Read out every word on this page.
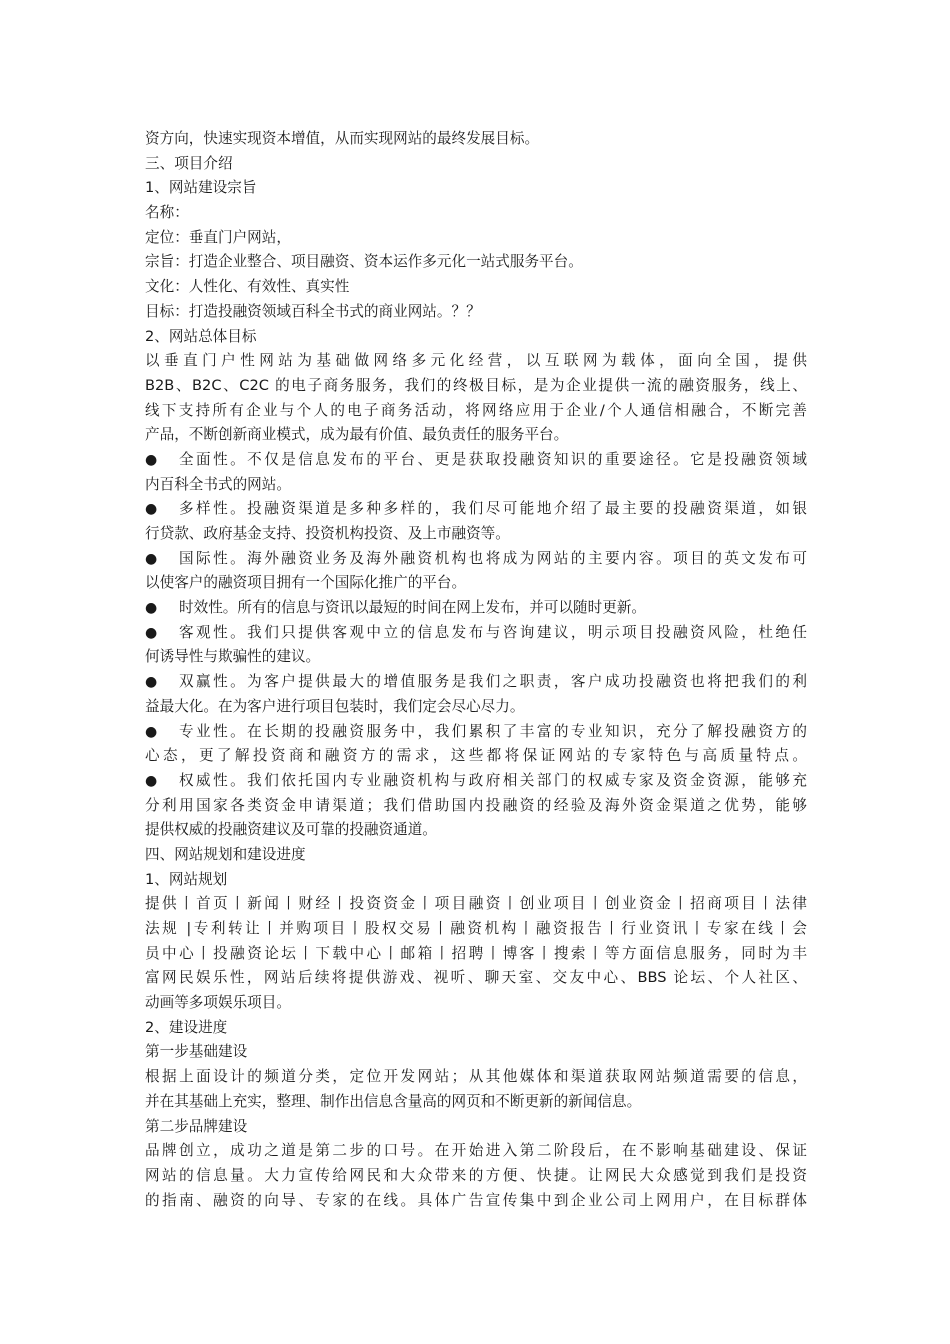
资方向，快速实现资本增值，从而实现网站的最终发展目标。
三、项目介绍
1、网站建设宗旨
名称：
定位：垂直门户网站，
宗旨：打造企业整合、项目融资、资本运作多元化一站式服务平台。
文化：人性化、有效性、真实性
目标：打造投融资领域百科全书式的商业网站。？？
2、网站总体目标
以垂直门户性网站为基础做网络多元化经营，以互联网为载体，面向全国，提供
B2B、B2C、C2C 的电子商务服务，我们的终极目标，是为企业提供一流的融资服务，线上、
线下支持所有企业与个人的电子商务活动，将网络应用于企业/个人通信相融合，不断完善
产品，不断创新商业模式，成为最有价值、最负责任的服务平台。
●	全面性。不仅是信息发布的平台、更是获取投融资知识的重要途径。它是投融资领域
内百科全书式的网站。
●	多样性。投融资渠道是多种多样的，我们尽可能地介绍了最主要的投融资渠道，如银
行贷款、政府基金支持、投资机构投资、及上市融资等。
●	国际性。海外融资业务及海外融资机构也将成为网站的主要内容。项目的英文发布可
以使客户的融资项目拥有一个国际化推广的平台。
●	时效性。所有的信息与资讯以最短的时间在网上发布，并可以随时更新。
●	客观性。我们只提供客观中立的信息发布与咨询建议，明示项目投融资风险，杜绝任
何诱导性与欺骗性的建议。
●	双赢性。为客户提供最大的增值服务是我们之职责，客户成功投融资也将把我们的利
益最大化。在为客户进行项目包装时，我们定会尽心尽力。
●	专业性。在长期的投融资服务中，我们累积了丰富的专业知识，充分了解投融资方的
心态，更了解投资商和融资方的需求，这些都将保证网站的专家特色与高质量特点。
●	权威性。我们依托国内专业融资机构与政府相关部门的权威专家及资金资源，能够充
分利用国家各类资金申请渠道；我们借助国内投融资的经验及海外资金渠道之优势，能够
提供权威的投融资建议及可靠的投融资通道。
四、网站规划和建设进度
1、网站规划
提供丨首页丨新闻丨财经丨投资资金丨项目融资丨创业项目丨创业资金丨招商项目丨法律
法规 |专利转让丨并购项目丨股权交易丨融资机构丨融资报告丨行业资讯丨专家在线丨会
员中心丨投融资论坛丨下载中心丨邮箱丨招聘丨博客丨搜索丨等方面信息服务，同时为丰
富网民娱乐性，网站后续将提供游戏、视听、聊天室、交友中心、BBS 论坛、个人社区、
动画等多项娱乐项目。
2、建设进度
第一步基础建设
根据上面设计的频道分类，定位开发网站；从其他媒体和渠道获取网站频道需要的信息，
并在其基础上充实，整理、制作出信息含量高的网页和不断更新的新闻信息。
第二步品牌建设
品牌创立，成功之道是第二步的口号。在开始进入第二阶段后，在不影响基础建设、保证
网站的信息量。大力宣传给网民和大众带来的方便、快捷。让网民大众感觉到我们是投资
的指南、融资的向导、专家的在线。具体广告宣传集中到企业公司上网用户，在目标群体
